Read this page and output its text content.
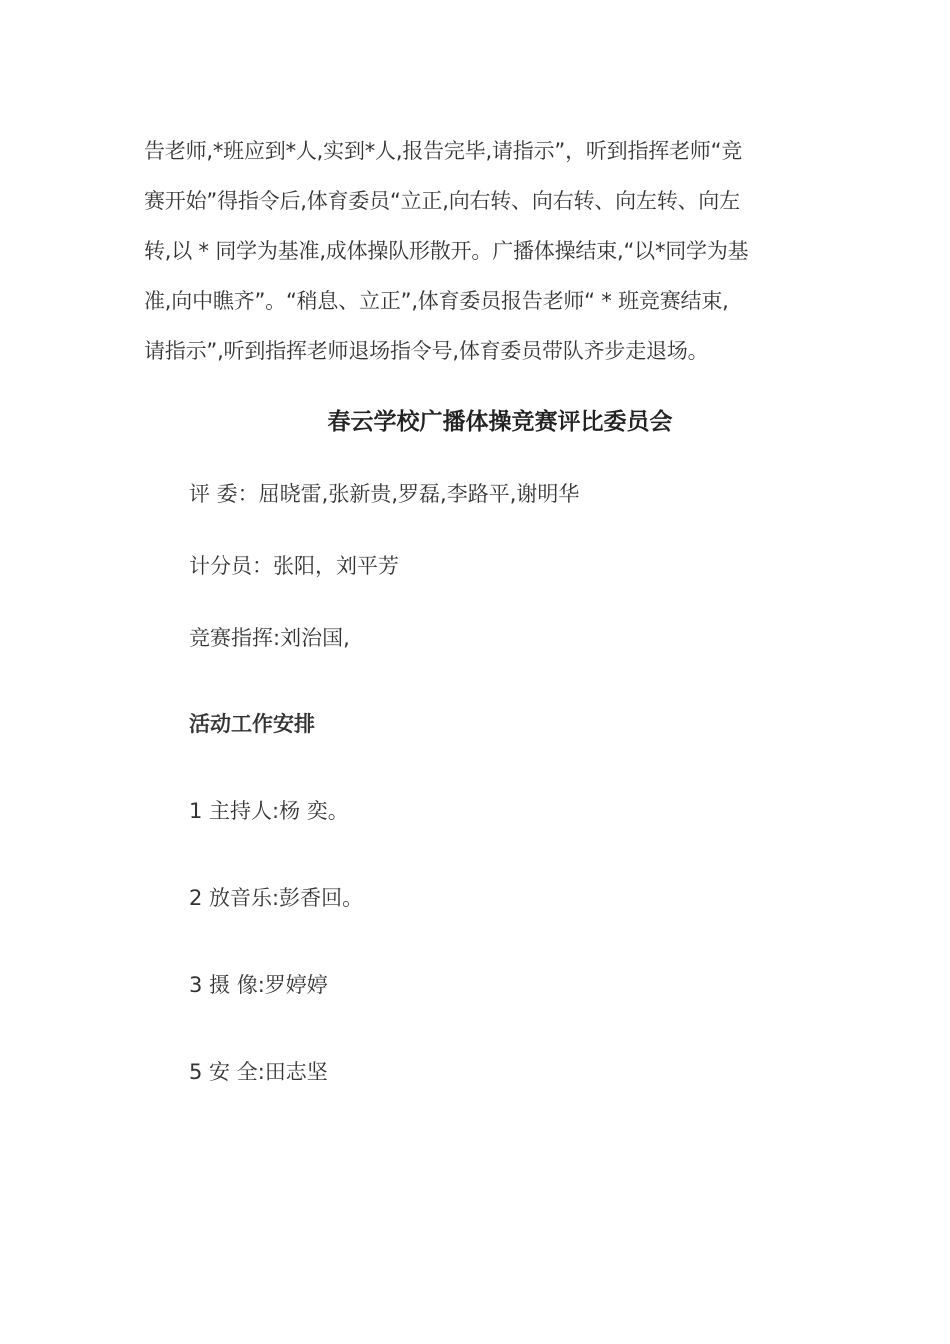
告老师,*班应到*人,实到*人,报告完毕,请指示”，听到指挥老师“竞
赛开始”得指令后,体育委员“立正,向右转、向右转、向左转、向左
转,以 * 同学为基准,成体操队形散开。广播体操结束,“以*同学为基
准,向中瞧齐”。“稍息、立正”,体育委员报告老师“ * 班竞赛结束,
请指示”,听到指挥老师退场指令号,体育委员带队齐步走退场。
春云学校广播体操竞赛评比委员会

评 委：屈晓雷,张新贵,罗磊,李路平,谢明华

计分员：张阳，刘平芳

竞赛指挥:刘治国,

活动工作安排

1 主持人:杨 奕。

2 放音乐:彭香回。

3 摄 像:罗婷婷

5 安 全:田志坚
